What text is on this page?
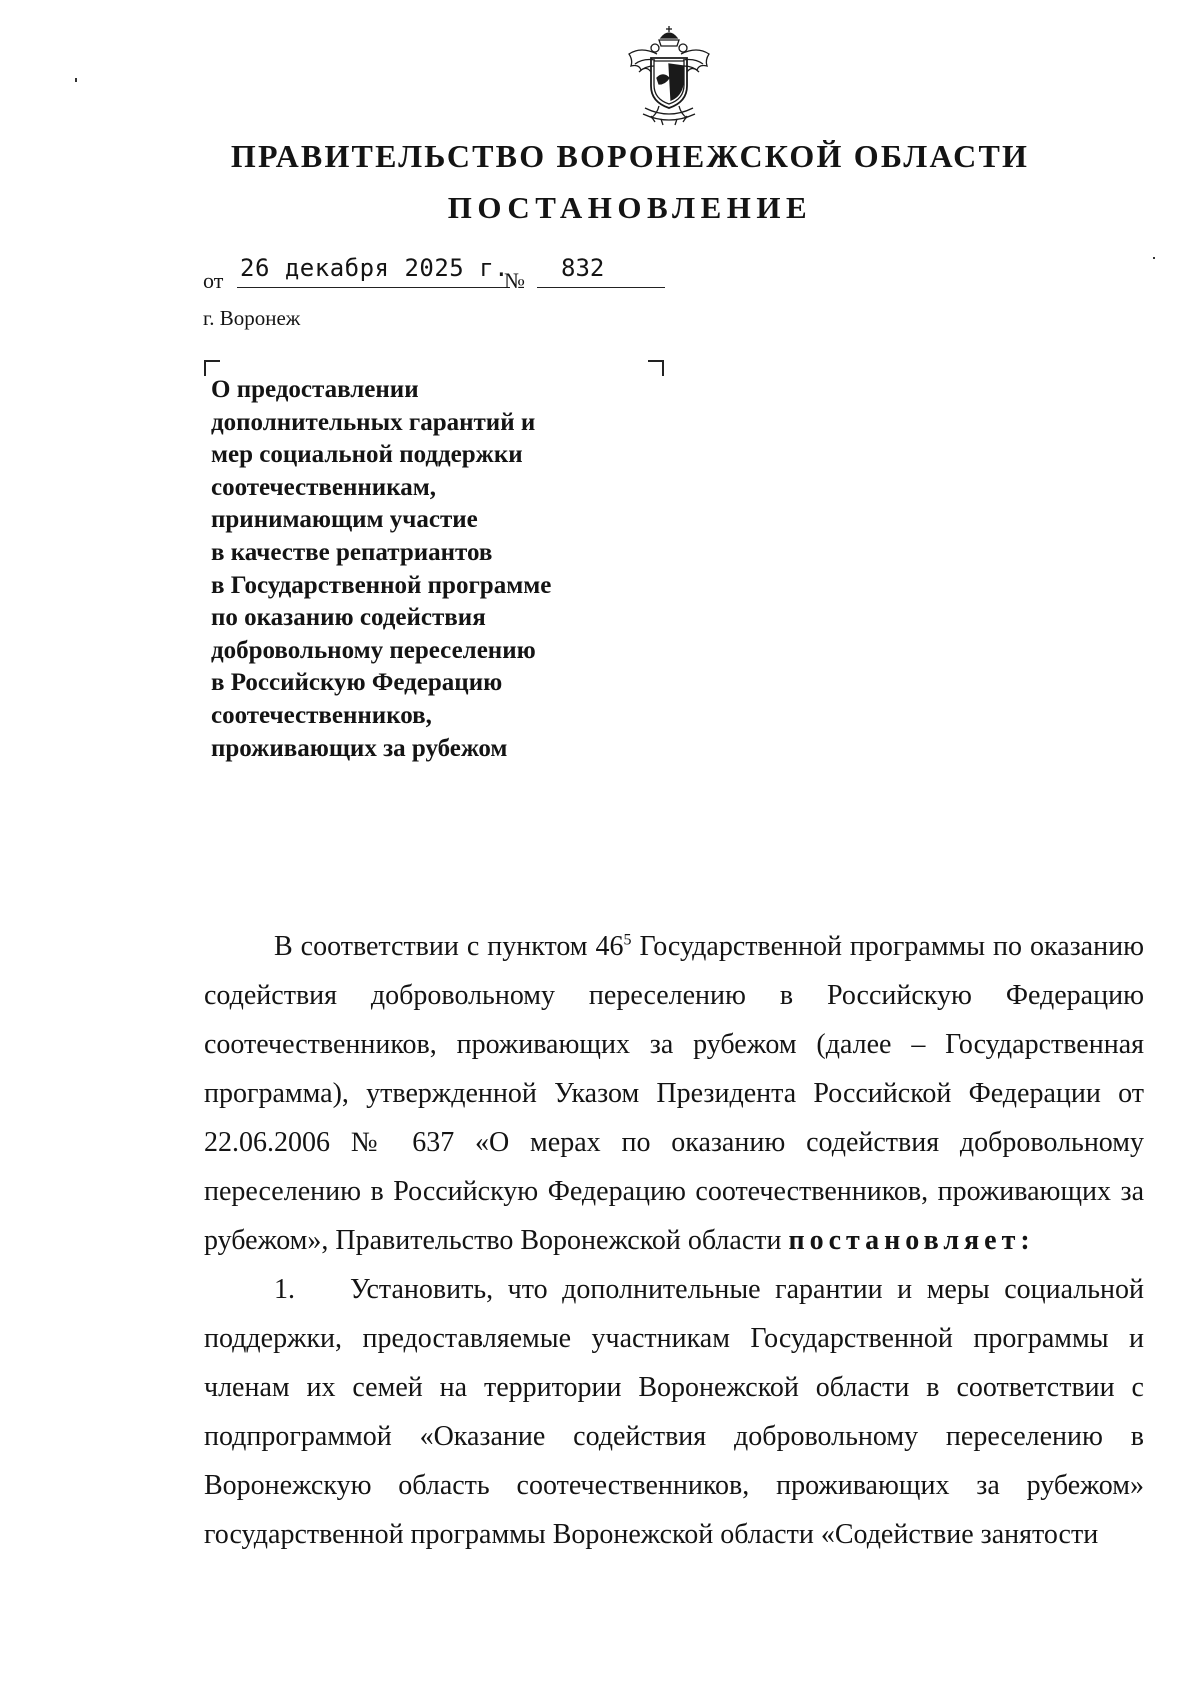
ПРАВИТЕЛЬСТВО ВОРОНЕЖСКОЙ ОБЛАСТИ
ПОСТАНОВЛЕНИЕ
от 26 декабря 2025 г.
№ 832
г. Воронеж
О предоставлении
дополнительных гарантий и
мер социальной поддержки
соотечественникам,
принимающим участие
в качестве репатриантов
в Государственной программе
по оказанию содействия
добровольному переселению
в Российскую Федерацию
соотечественников,
проживающих за рубежом

В соответствии с пунктом $46^5$ Государственной программы по оказанию содействия добровольному переселению в Российскую Федерацию соотечественников, проживающих за рубежом (далее – Государственная программа), утвержденной Указом Президента Российской Федерации от 22.06.2006 № 637 «О мерах по оказанию содействия добровольному переселению в Российскую Федерацию соотечественников, проживающих за рубежом», Правительство Воронежской области постановляет:

1. Установить, что дополнительные гарантии и меры социальной поддержки, предоставляемые участникам Государственной программы и членам их семей на территории Воронежской области в соответствии с подпрограммой «Оказание содействия добровольному переселению в Воронежскую область соотечественников, проживающих за рубежом» государственной программы Воронежской области «Содействие занятости
